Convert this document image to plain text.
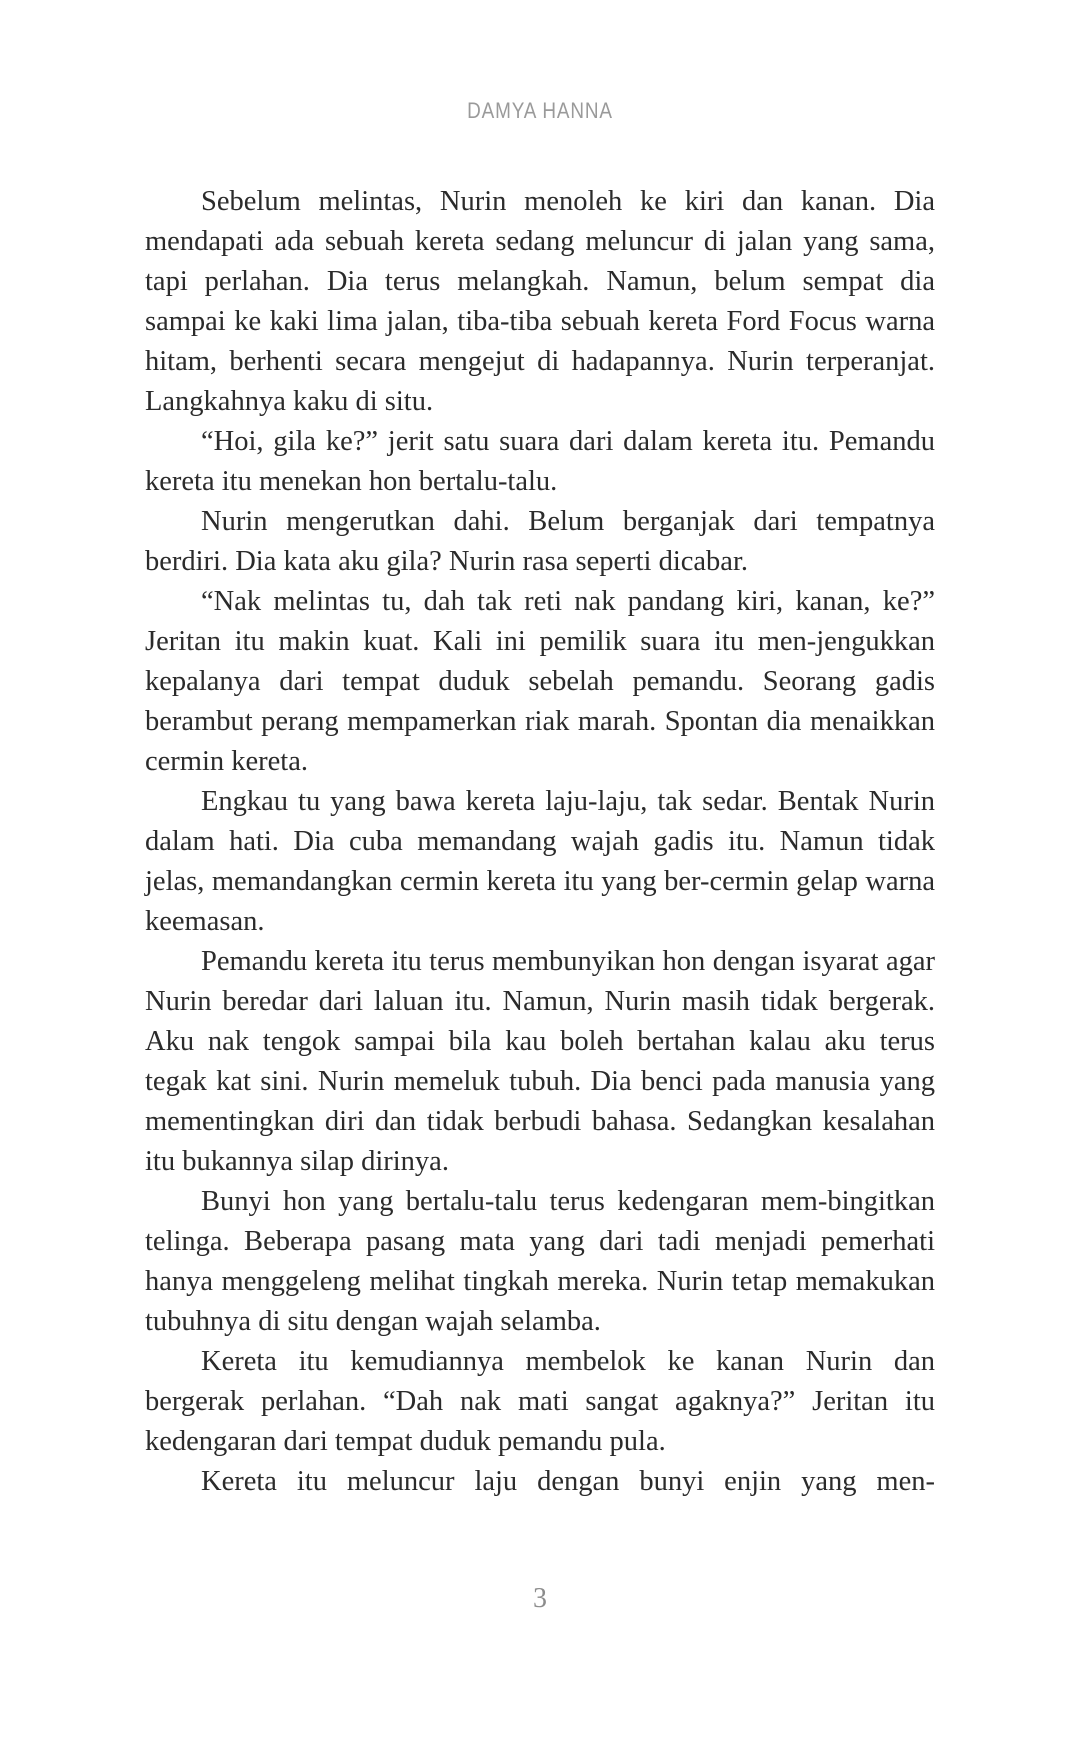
DAMYA HANNA

Sebelum melintas, Nurin menoleh ke kiri dan kanan. Dia mendapati ada sebuah kereta sedang meluncur di jalan yang sama, tapi perlahan. Dia terus melangkah. Namun, belum sempat dia sampai ke kaki lima jalan, tiba-tiba sebuah kereta Ford Focus warna hitam, berhenti secara mengejut di hadapannya. Nurin terperanjat. Langkahnya kaku di situ.

“Hoi, gila ke?” jerit satu suara dari dalam kereta itu. Pemandu kereta itu menekan hon bertalu-talu.

Nurin mengerutkan dahi. Belum berganjak dari tempatnya berdiri. Dia kata aku gila? Nurin rasa seperti dicabar.

“Nak melintas tu, dah tak reti nak pandang kiri, kanan, ke?” Jeritan itu makin kuat. Kali ini pemilik suara itu men-jengukkan kepalanya dari tempat duduk sebelah pemandu. Seorang gadis berambut perang mempamerkan riak marah. Spontan dia menaikkan cermin kereta.

Engkau tu yang bawa kereta laju-laju, tak sedar. Bentak Nurin dalam hati. Dia cuba memandang wajah gadis itu. Namun tidak jelas, memandangkan cermin kereta itu yang ber-cermin gelap warna keemasan.

Pemandu kereta itu terus membunyikan hon dengan isyarat agar Nurin beredar dari laluan itu. Namun, Nurin masih tidak bergerak. Aku nak tengok sampai bila kau boleh bertahan kalau aku terus tegak kat sini. Nurin memeluk tubuh. Dia benci pada manusia yang mementingkan diri dan tidak berbudi bahasa. Sedangkan kesalahan itu bukannya silap dirinya.

Bunyi hon yang bertalu-talu terus kedengaran mem-bingitkan telinga. Beberapa pasang mata yang dari tadi menjadi pemerhati hanya menggeleng melihat tingkah mereka. Nurin tetap memakukan tubuhnya di situ dengan wajah selamba.

Kereta itu kemudiannya membelok ke kanan Nurin dan bergerak perlahan. “Dah nak mati sangat agaknya?” Jeritan itu kedengaran dari tempat duduk pemandu pula.

Kereta itu meluncur laju dengan bunyi enjin yang men-

3
